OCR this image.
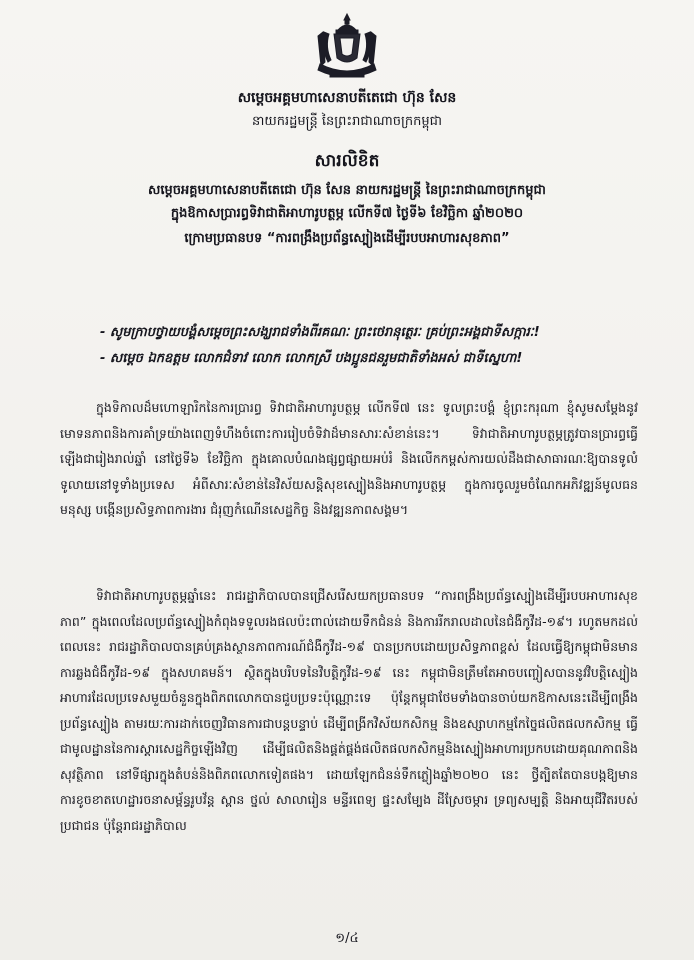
សម្តេចអគ្គមហាសេនាបតីតេជោ ហ៊ុន សែន
នាយករដ្ឋមន្ត្រី នៃព្រះរាជាណាចក្រកម្ពុជា
សារលិខិត
សម្តេចអគ្គមហាសេនាបតីតេជោ ហ៊ុន សែន នាយករដ្ឋមន្ត្រី នៃព្រះរាជាណាចក្រកម្ពុជា
ក្នុងឱកាសប្រារព្ធទិវាជាតិអាហារូបត្ថម្ភ លើកទី៧ ថ្ងៃទី៦ ខែវិច្ឆិកា ឆ្នាំ២០២០
ក្រោមប្រធានបទ “ការពង្រឹងប្រព័ន្ធស្បៀងដើម្បីរបបអាហារសុខភាព”
- សូមក្រាបថ្វាយបង្គំសម្តេចព្រះសង្ឃរាជទាំងពីរគណៈ ព្រះថេរានុត្ថេរៈ គ្រប់ព្រះអង្គជាទីសក្ការៈ!
- សម្តេច ឯកឧត្តម លោកជំទាវ លោក លោកស្រី បងប្អូនជនរួមជាតិទាំងអស់ ជាទីស្នេហា!

ក្នុងទិកាលដ៏មហោឡារិកនៃការប្រារព្ធ ទិវាជាតិអាហារូបត្ថម្ភ លើកទី៧ នេះ ទូលព្រះបង្គំ ខ្ញុំព្រះករុណា ខ្ញុំសូមសម្តែងនូវមោទនភាពនិងការគាំទ្រយ៉ាងពេញទំហឹងចំពោះការរៀបចំទិវាដ៏មានសារៈសំខាន់នេះ។ ទិវាជាតិអាហារូបត្ថម្ភត្រូវបានប្រារព្ធធ្វើឡើងជារៀងរាល់ឆ្នាំ នៅថ្ងៃទី៦ ខែវិច្ឆិកា ក្នុងគោលបំណងផ្សព្វផ្សាយអប់រំ និងលើកកម្ពស់ការយល់ដឹងជាសាធារណៈឱ្យបានទូលំទូលាយនៅទូទាំងប្រទេស អំពីសារៈសំខាន់នៃវិស័យសន្តិសុខស្បៀងនិងអាហារូបត្ថម្ភ ក្នុងការចូលរួមចំណែកអភិវឌ្ឍន៍មូលធនមនុស្ស បង្កើនប្រសិទ្ធភាពការងារ ជំរុញកំណើនសេដ្ឋកិច្ច និងវឌ្ឍនភាពសង្គម។

ទិវាជាតិអាហារូបត្ថម្ភឆ្នាំនេះ រាជរដ្ឋាភិបាលបានជ្រើសរើសយកប្រធានបទ “ការពង្រឹងប្រព័ន្ធស្បៀងដើម្បីរបបអាហារសុខភាព” ក្នុងពេលដែលប្រព័ន្ធស្បៀងកំពុងទទួលរងផលប៉ះពាល់ដោយទឹកជំនន់ និងការរីករាលដាលនៃជំងឺកូវីដ-១៩។ រហូតមកដល់ពេលនេះ រាជរដ្ឋាភិបាលបានគ្រប់គ្រងស្ថានភាពការណ៍ជំងឺកូវីដ-១៩ បានប្រកបដោយប្រសិទ្ធភាពខ្ពស់ ដែលធ្វើឱ្យកម្ពុជាមិនមានការឆ្លងជំងឺកូវីដ-១៩ ក្នុងសហគមន៍។ ស្ថិតក្នុងបរិបទនៃវិបត្តិកូវីដ-១៩ នេះ កម្ពុជាមិនត្រឹមតែអាចបញ្ចៀសបាននូវវិបត្តិស្បៀងអាហារដែលប្រទេសមួយចំនួនក្នុងពិភពលោកបានជួបប្រទះប៉ុណ្ណោះទេ ប៉ុន្តែកម្ពុជាថែមទាំងបានចាប់យកឱកាសនេះដើម្បីពង្រឹងប្រព័ន្ធស្បៀង តាមរយៈការដាក់ចេញវិធានការជាបន្តបន្ទាប់ ដើម្បីពង្រីកវិស័យកសិកម្ម និងឧស្សាហកម្មកែច្នៃផលិតផលកសិកម្ម ធ្វើជាមូលដ្ឋាននៃការស្តារសេដ្ឋកិច្ចឡើងវិញ ដើម្បីផលិតនិងផ្គត់ផ្គង់ផលិតផលកសិកម្មនិងស្បៀងអាហារប្រកបដោយគុណភាពនិងសុវត្ថិភាព នៅទីផ្សារក្នុងតំបន់និងពិភពលោកទៀតផង។ ដោយឡែកជំនន់ទឹកភ្លៀងឆ្នាំ២០២០ នេះ ថ្វីត្បិតតែបានបង្កឱ្យមានការខូចខាតហេដ្ឋារចនាសម្ព័ន្ធរូបវ័ន្ត ស្ពាន ថ្នល់ សាលារៀន មន្ទីរពេទ្យ ផ្ទះសម្បែង ដីស្រែចម្ការ ទ្រព្យសម្បត្តិ និងអាយុជីវិតរបស់ប្រជាជន ប៉ុន្តែរាជរដ្ឋាភិបាល

១/៤
